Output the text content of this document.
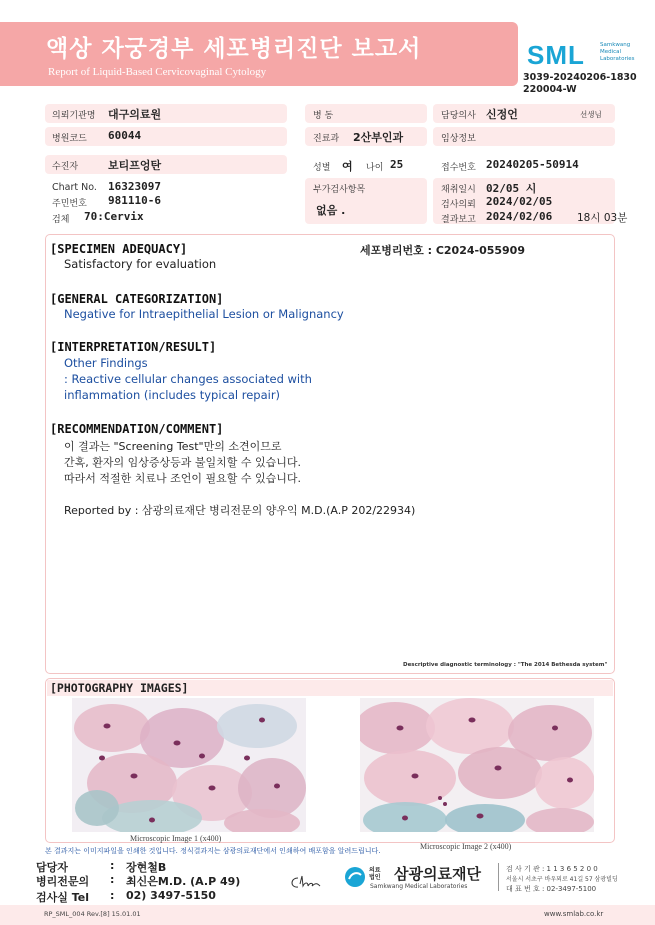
액상 자궁경부 세포병리진단 보고서
Report of Liquid-Based Cervicovaginal Cytology
SML	Samkwang Medical Laboratories
3039-20240206-1830
220004-W
의뢰기관명 대구의료원	병 동	담당의사 신정언	선생님
병원코드 60044	진료과 2산부인과	임상정보
수진자	보티프엉탄	성별 여 나이 25	접수번호 20240205-50914
Chart No. 16323097
주민번호 981110-6
검체 70:Cervix
부가검사항목
없음 .
채취일시 02/05 시
검사의뢰 2024/02/05
결과보고 2024/02/06 18시 03분
[SPECIMEN ADEQUACY]	세포병리번호 : C2024-055909
Satisfactory for evaluation
[GENERAL CATEGORIZATION]
Negative for Intraepithelial Lesion or Malignancy
[INTERPRETATION/RESULT]
Other Findings
: Reactive cellular changes associated with
inflammation (includes typical repair)
[RECOMMENDATION/COMMENT]
이 결과는 "Screening Test"만의 소견이므로
간혹, 환자의 임상증상등과 불일치할 수 있습니다.
따라서 적절한 치료나 조언이 필요할 수 있습니다.
Reported by : 삼광의료재단 병리전문의 양우익 M.D.(A.P 202/22934)
Descriptive diagnostic terminology : "The 2014 Bethesda system"
[PHOTOGRAPHY IMAGES]
Microscopic Image 1 (x400)
Microscopic Image 2 (x400)
본 결과지는 이미지파일을 인쇄한 것입니다. 정식결과지는 삼광의료재단에서 인쇄하여 배포함을 알려드립니다.
담당자	: 장현철B
병리전문의 : 최신은M.D. (A.P 49)
검사실 Tel : 02) 3497-5150
의료
법인 삼광의료재단
Samkwang Medical Laboratories
검 사 기 관 : 1 1 3 6 5 2 0 0
서울시 서초구 바우뫼로 41길 57 삼광빌딩
대 표 번 호 : 02-3497-5100
RP_SML_004 Rev.[8] 15.01.01	www.smlab.co.kr
